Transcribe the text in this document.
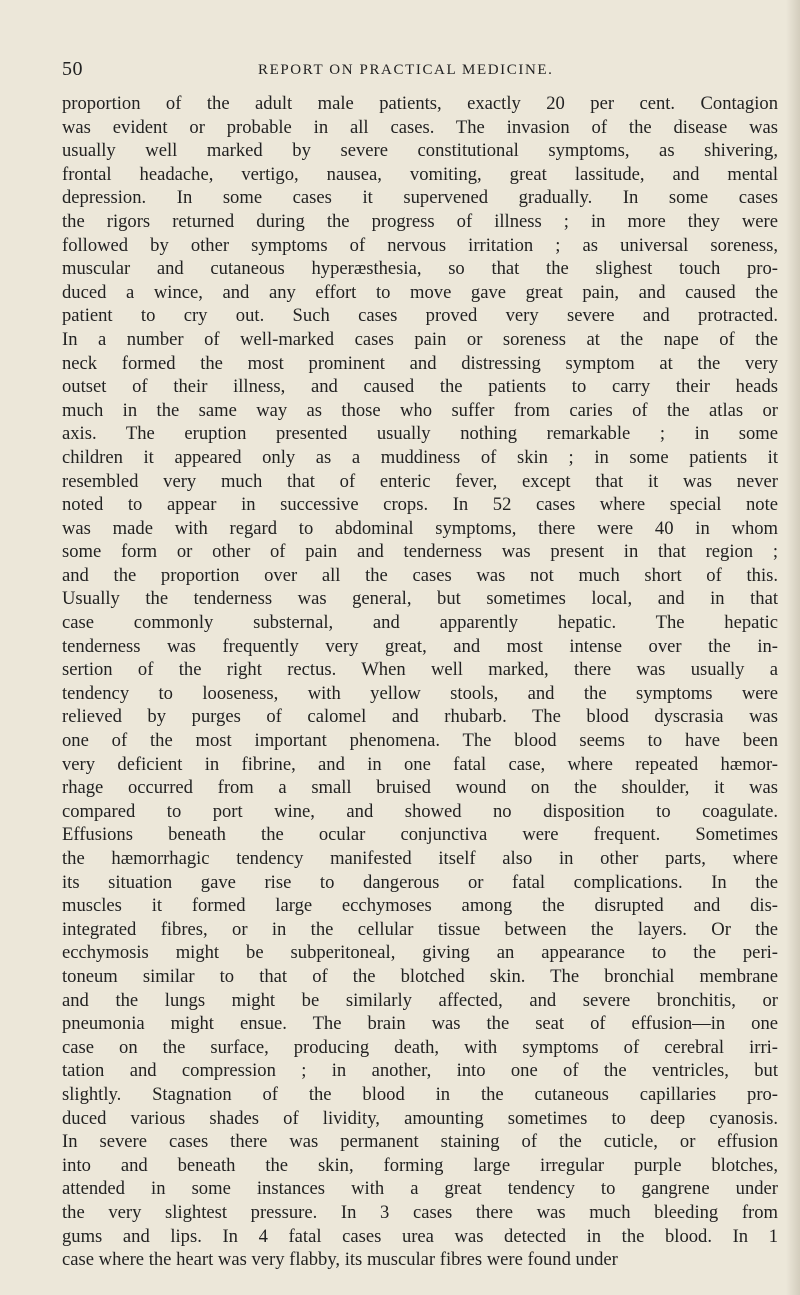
50	REPORT ON PRACTICAL MEDICINE.
proportion of the adult male patients, exactly 20 per cent. Contagion
was evident or probable in all cases. The invasion of the disease was
usually well marked by severe constitutional symptoms, as shivering,
frontal headache, vertigo, nausea, vomiting, great lassitude, and mental
depression. In some cases it supervened gradually. In some cases
the rigors returned during the progress of illness ; in more they were
followed by other symptoms of nervous irritation ; as universal soreness,
muscular and cutaneous hyperæsthesia, so that the slighest touch pro-
duced a wince, and any effort to move gave great pain, and caused the
patient to cry out. Such cases proved very severe and protracted.
In a number of well-marked cases pain or soreness at the nape of the
neck formed the most prominent and distressing symptom at the very
outset of their illness, and caused the patients to carry their heads
much in the same way as those who suffer from caries of the atlas or
axis. The eruption presented usually nothing remarkable ; in some
children it appeared only as a muddiness of skin ; in some patients it
resembled very much that of enteric fever, except that it was never
noted to appear in successive crops. In 52 cases where special note
was made with regard to abdominal symptoms, there were 40 in whom
some form or other of pain and tenderness was present in that region ;
and the proportion over all the cases was not much short of this.
Usually the tenderness was general, but sometimes local, and in that
case commonly substernal, and apparently hepatic. The hepatic
tenderness was frequently very great, and most intense over the in-
sertion of the right rectus. When well marked, there was usually a
tendency to looseness, with yellow stools, and the symptoms were
relieved by purges of calomel and rhubarb. The blood dyscrasia was
one of the most important phenomena. The blood seems to have been
very deficient in fibrine, and in one fatal case, where repeated hæmor-
rhage occurred from a small bruised wound on the shoulder, it was
compared to port wine, and showed no disposition to coagulate.
Effusions beneath the ocular conjunctiva were frequent. Sometimes
the hæmorrhagic tendency manifested itself also in other parts, where
its situation gave rise to dangerous or fatal complications. In the
muscles it formed large ecchymoses among the disrupted and dis-
integrated fibres, or in the cellular tissue between the layers. Or the
ecchymosis might be subperitoneal, giving an appearance to the peri-
toneum similar to that of the blotched skin. The bronchial membrane
and the lungs might be similarly affected, and severe bronchitis, or
pneumonia might ensue. The brain was the seat of effusion—in one
case on the surface, producing death, with symptoms of cerebral irri-
tation and compression ; in another, into one of the ventricles, but
slightly. Stagnation of the blood in the cutaneous capillaries pro-
duced various shades of lividity, amounting sometimes to deep cyanosis.
In severe cases there was permanent staining of the cuticle, or effusion
into and beneath the skin, forming large irregular purple blotches,
attended in some instances with a great tendency to gangrene under
the very slightest pressure. In 3 cases there was much bleeding from
gums and lips. In 4 fatal cases urea was detected in the blood. In 1
case where the heart was very flabby, its muscular fibres were found under
